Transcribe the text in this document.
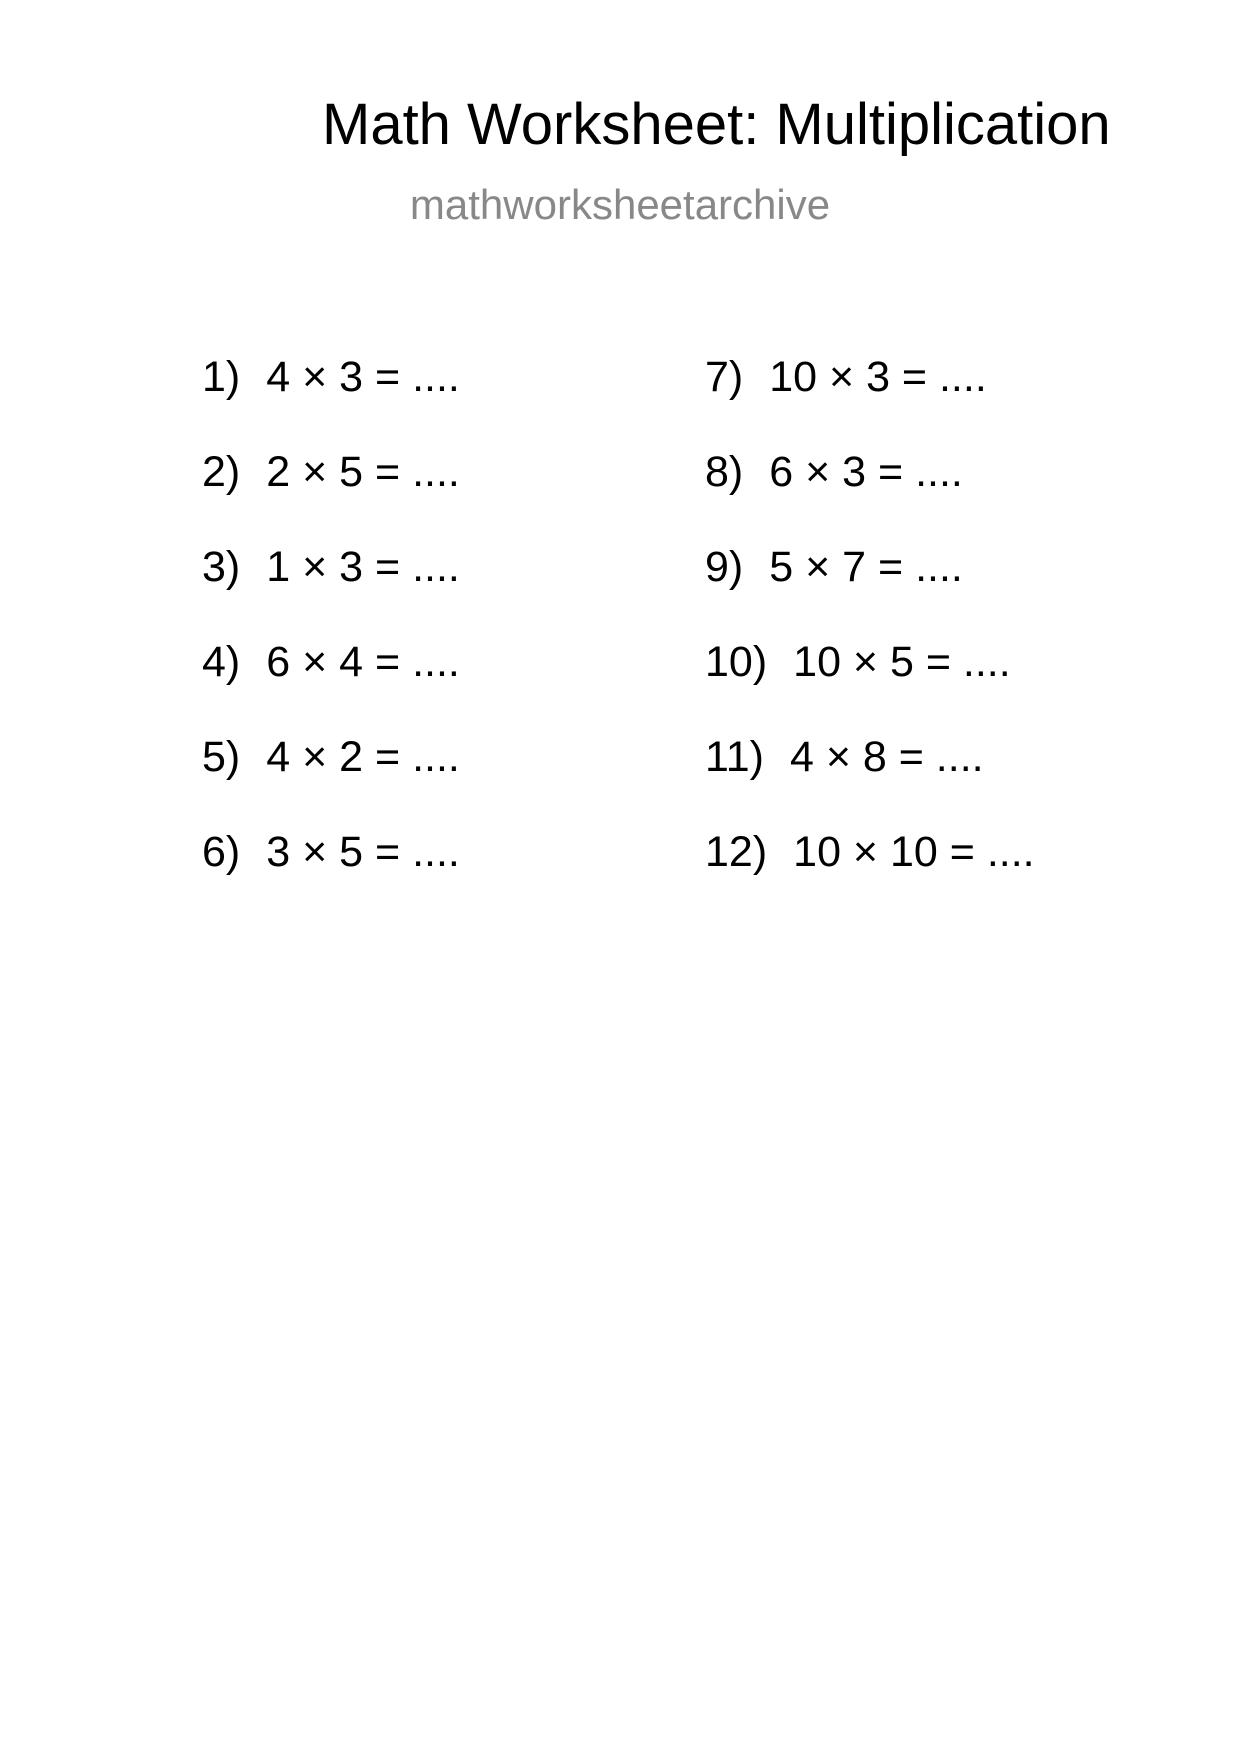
Math Worksheet: Multiplication
mathworksheetarchive
1) 4 × 3 = ....
2) 2 × 5 = ....
3) 1 × 3 = ....
4) 6 × 4 = ....
5) 4 × 2 = ....
6) 3 × 5 = ....
7) 10 × 3 = ....
8) 6 × 3 = ....
9) 5 × 7 = ....
10) 10 × 5 = ....
11) 4 × 8 = ....
12) 10 × 10 = ....
